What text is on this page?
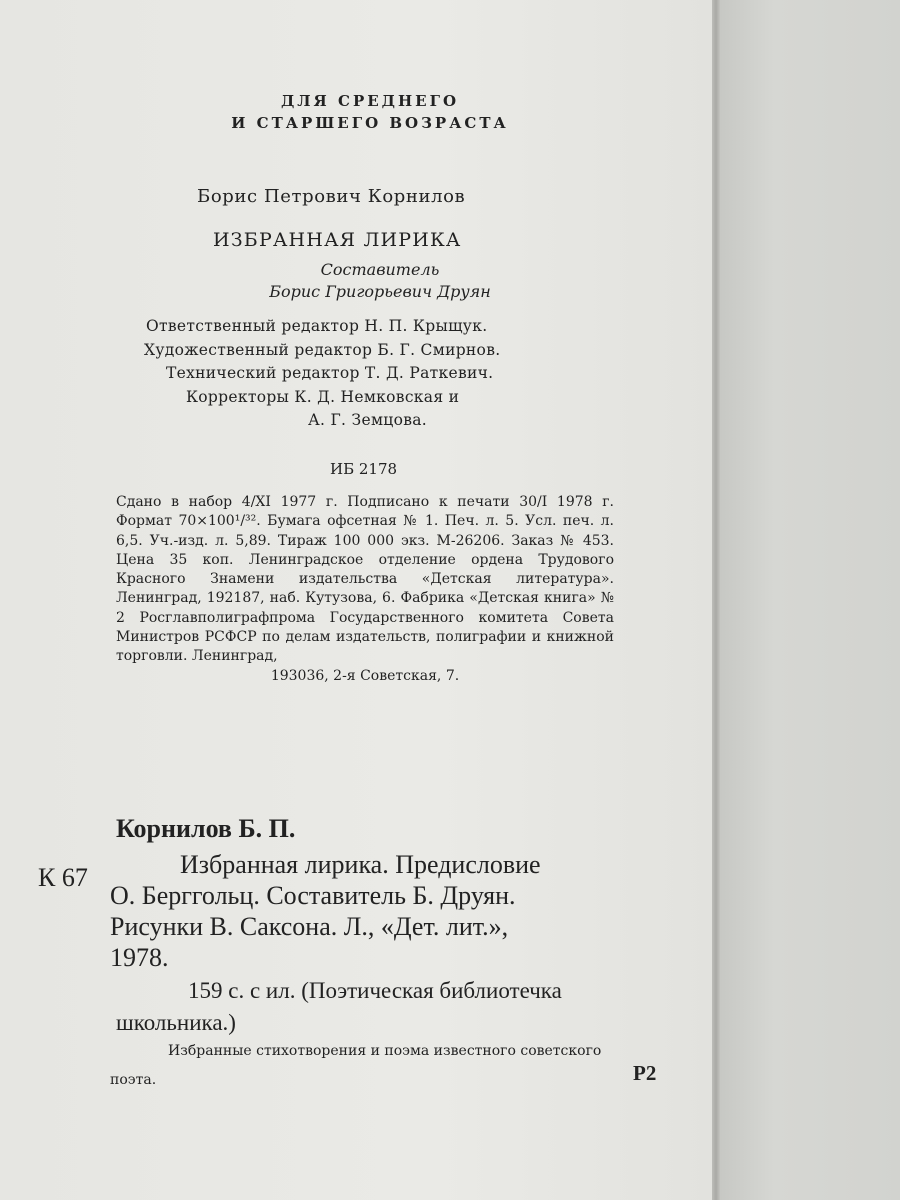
ДЛЯ СРЕДНЕГО
И СТАРШЕГО ВОЗРАСТА
Борис Петрович Корнилов
ИЗБРАННАЯ ЛИРИКА
Составитель
Борис Григорьевич Друян
Ответственный редактор Н. П. Крыщук.
Художественный редактор Б. Г. Смирнов.
Технический редактор Т. Д. Раткевич.
Корректоры К. Д. Немковская и
А. Г. Земцова.
ИБ 2178
Сдано в набор 4/XI 1977 г. Подписано к печати 30/I 1978 г. Формат 70×100¹/³². Бумага офсетная № 1. Печ. л. 5. Усл. печ. л. 6,5. Уч.-изд. л. 5,89. Тираж 100 000 экз. М-26206. Заказ № 453. Цена 35 коп. Ленинградское отделение ордена Трудового Красного Знамени издательства «Детская литература». Ленинград, 192187, наб. Кутузова, 6. Фабрика «Детская книга» № 2 Росглавполиграфпрома Государственного комитета Совета Министров РСФСР по делам издательств, полиграфии и книжной торговли. Ленинград,
193036, 2-я Советская, 7.
Корнилов Б. П.
К 67	Избранная лирика. Предисловие
О. Берггольц. Составитель Б. Друян.
Рисунки В. Саксона. Л., «Дет. лит.»,
1978.
159 с. с ил. (Поэтическая библиотечка
школьника.)
Избранные стихотворения и поэма известного советского
поэта.	Р2
